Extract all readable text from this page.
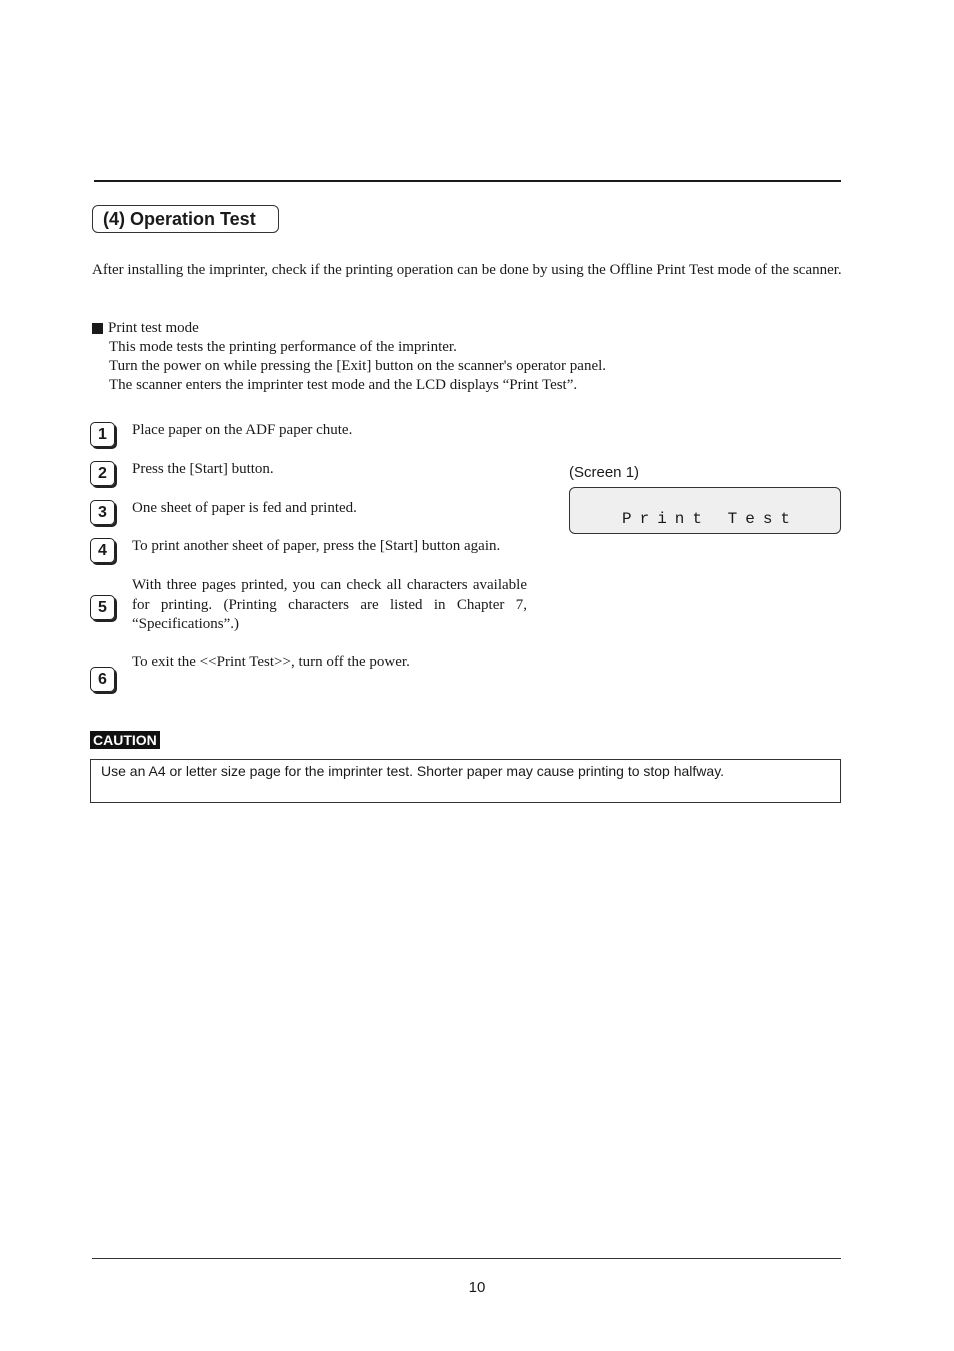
(4) Operation Test
After installing the imprinter, check if the printing operation can be done by using the Offline Print Test mode of the scanner.
Print test mode
This mode tests the printing performance of the imprinter.
Turn the power on while pressing the [Exit] button on the scanner's operator panel.
The scanner enters the imprinter test mode and the LCD displays “Print Test”.
1	Place paper on the ADF paper chute.
2	Press the [Start] button.
3	One sheet of paper is fed and printed.
4	To print another sheet of paper, press the [Start] button again.
5
With three pages printed, you can check all characters available for printing. (Printing characters are listed in Chapter 7, “Specifications”.)
6
To exit the <<Print Test>>, turn off the power.
(Screen 1)
Print Test
CAUTION
Use an A4 or letter size page for the imprinter test. Shorter paper may cause printing to stop halfway.
10
